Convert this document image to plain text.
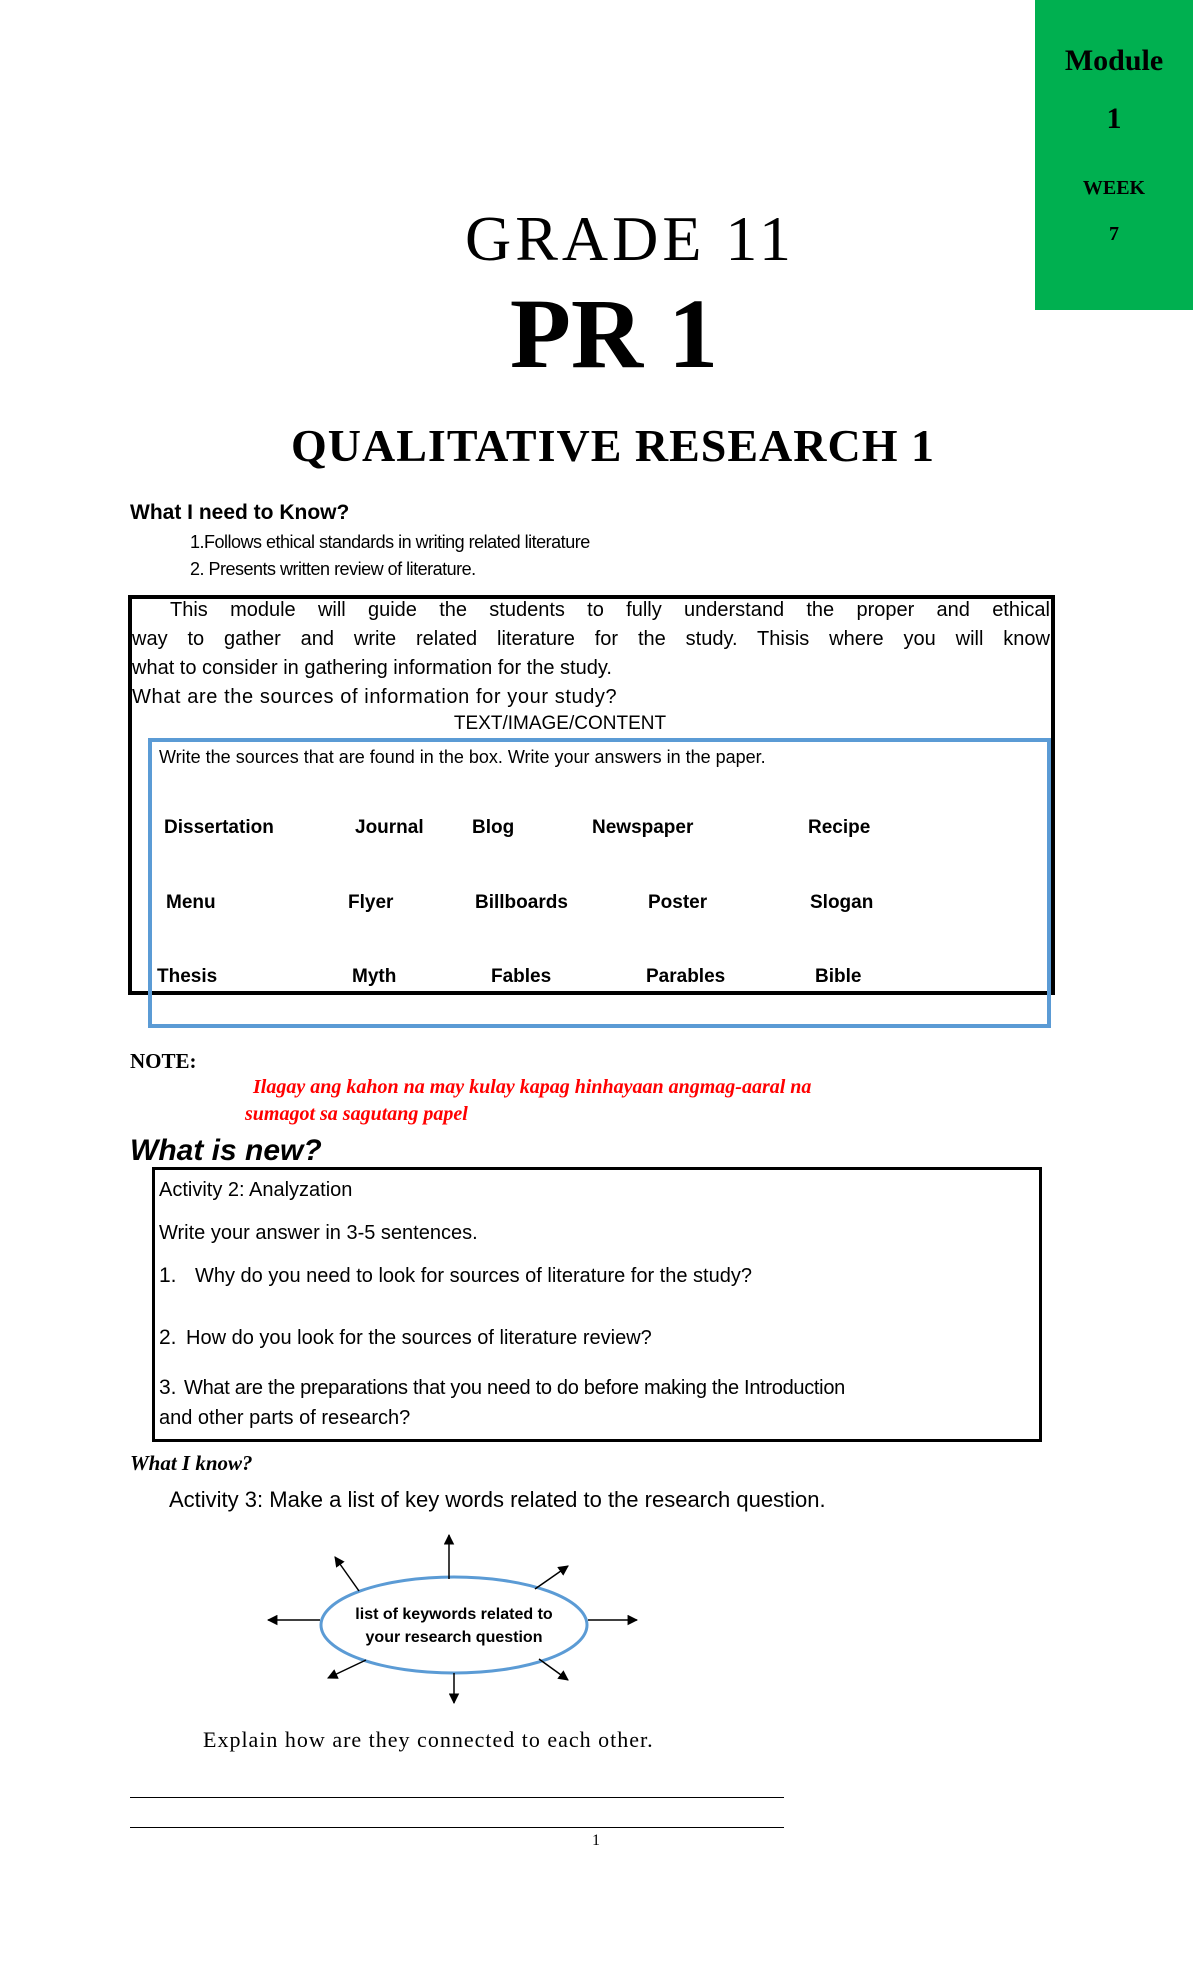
Module
1
WEEK
7
GRADE 11
PR 1
QUALITATIVE RESEARCH 1
What I need to Know?
1.Follows ethical standards in writing related literature
2. Presents written review of literature.
This module will guide the students to fully understand the proper and ethical
way to gather and write related literature for the study. Thisis where you will know
what to consider in gathering information for the study.
What are the sources of information for your study?
TEXT/IMAGE/CONTENT
Write the sources that are found in the box. Write your answers in the paper.
Dissertation	Journal	Blog	Newspaper	Recipe
Menu	Flyer	Billboards	Poster	Slogan
Thesis	Myth	Fables	Parables	Bible
NOTE:
Ilagay ang kahon na may kulay kapag hinhayaan angmag-aaral na
sumagot sa sagutang papel
What is new?
Activity 2: Analyzation
Write your answer in 3-5 sentences.
1. Why do you need to look for sources of literature for the study?
2. How do you look for the sources of literature review?
3. What are the preparations that you need to do before making the Introduction
and other parts of research?
What I know?
Activity 3: Make a list of key words related to the research question.
list of keywords related to
your research question
Explain how are they connected to each other.
1
